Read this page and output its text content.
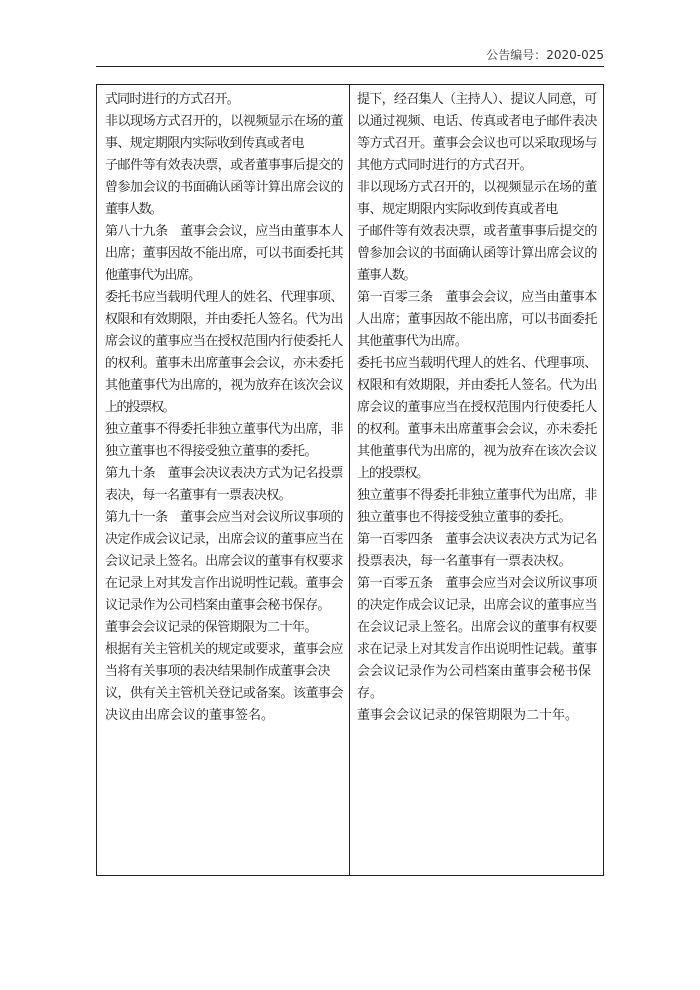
公告编号：2020-025
式同时进行的方式召开。
非以现场方式召开的，以视频显示在场的董
事、规定期限内实际收到传真或者电
子邮件等有效表决票，或者董事事后提交的
曾参加会议的书面确认函等计算出席会议的
董事人数。
第八十九条　董事会会议，应当由董事本人
出席；董事因故不能出席，可以书面委托其
他董事代为出席。
委托书应当载明代理人的姓名、代理事项、
权限和有效期限，并由委托人签名。代为出
席会议的董事应当在授权范围内行使委托人
的权利。董事未出席董事会会议，亦未委托
其他董事代为出席的，视为放弃在该次会议
上的投票权。
独立董事不得委托非独立董事代为出席，非
独立董事也不得接受独立董事的委托。
第九十条　董事会决议表决方式为记名投票
表决，每一名董事有一票表决权。
第九十一条　董事会应当对会议所议事项的
决定作成会议记录，出席会议的董事应当在
会议记录上签名。出席会议的董事有权要求
在记录上对其发言作出说明性记载。董事会
议记录作为公司档案由董事会秘书保存。
董事会会议记录的保管期限为二十年。
根据有关主管机关的规定或要求，董事会应
当将有关事项的表决结果制作成董事会决
议，供有关主管机关登记或备案。该董事会
决议由出席会议的董事签名。
提下，经召集人（主持人）、提议人同意，可
以通过视频、电话、传真或者电子邮件表决
等方式召开。董事会会议也可以采取现场与
其他方式同时进行的方式召开。
非以现场方式召开的，以视频显示在场的董
事、规定期限内实际收到传真或者电
子邮件等有效表决票，或者董事事后提交的
曾参加会议的书面确认函等计算出席会议的
董事人数。
第一百零三条　董事会会议，应当由董事本
人出席；董事因故不能出席，可以书面委托
其他董事代为出席。
委托书应当载明代理人的姓名、代理事项、
权限和有效期限，并由委托人签名。代为出
席会议的董事应当在授权范围内行使委托人
的权利。董事未出席董事会会议，亦未委托
其他董事代为出席的，视为放弃在该次会议
上的投票权。
独立董事不得委托非独立董事代为出席，非
独立董事也不得接受独立董事的委托。
第一百零四条　董事会决议表决方式为记名
投票表决，每一名董事有一票表决权。
第一百零五条　董事会应当对会议所议事项
的决定作成会议记录，出席会议的董事应当
在会议记录上签名。出席会议的董事有权要
求在记录上对其发言作出说明性记载。董事
会会议记录作为公司档案由董事会秘书保
存。
董事会会议记录的保管期限为二十年。
